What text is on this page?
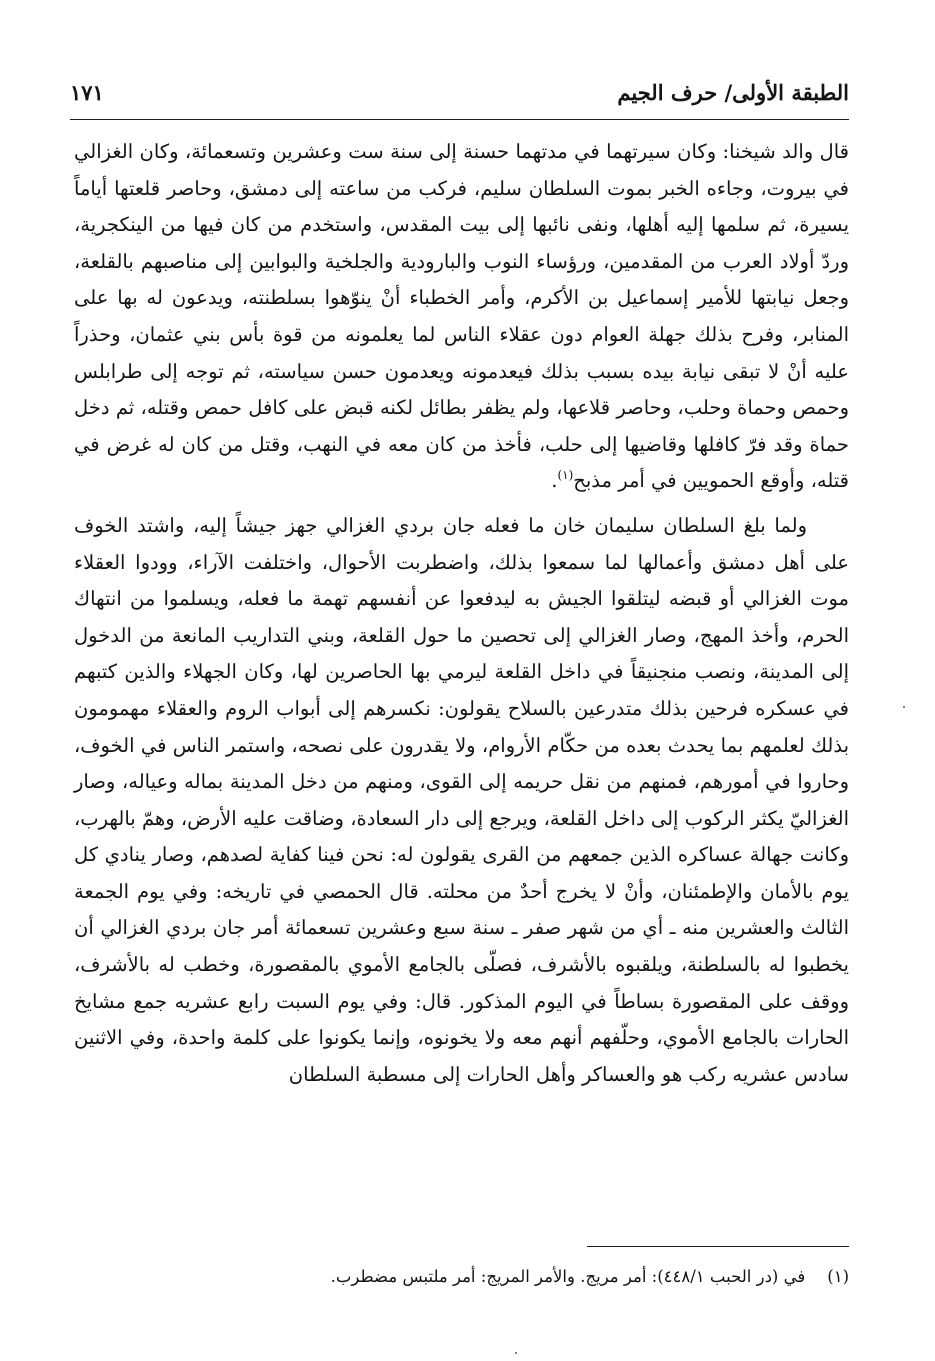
الطبقة الأولى/ حرف الجيم
١٧١

قال والد شيخنا: وكان سيرتهما في مدتهما حسنة إلى سنة ست وعشرين وتسعمائة، وكان الغزالي في بيروت، وجاءه الخبر بموت السلطان سليم، فركب من ساعته إلى دمشق، وحاصر قلعتها أياماً يسيرة، ثم سلمها إليه أهلها، ونفى نائبها إلى بيت المقدس، واستخدم من كان فيها من الينكجرية، وردّ أولاد العرب من المقدمين، ورؤساء النوب والبارودية والجلخية والبوابين إلى مناصبهم بالقلعة، وجعل نيابتها للأمير إسماعيل بن الأكرم، وأمر الخطباء أنْ ينوّهوا بسلطنته، ويدعون له بها على المنابر، وفرح بذلك جهلة العوام دون عقلاء الناس لما يعلمونه من قوة بأس بني عثمان، وحذراً عليه أنْ لا تبقى نيابة بيده بسبب بذلك فيعدمونه ويعدمون حسن سياسته، ثم توجه إلى طرابلس وحمص وحماة وحلب، وحاصر قلاعها، ولم يظفر بطائل لكنه قبض على كافل حمص وقتله، ثم دخل حماة وقد فرّ كافلها وقاضيها إلى حلب، فأخذ من كان معه في النهب، وقتل من كان له غرض في قتله، وأوقع الحمويين في أمر مذبح$^{(١)}$.

ولما بلغ السلطان سليمان خان ما فعله جان بردي الغزالي جهز جيشاً إليه، واشتد الخوف على أهل دمشق وأعمالها لما سمعوا بذلك، واضطربت الأحوال، واختلفت الآراء، وودوا العقلاء موت الغزالي أو قبضه ليتلقوا الجيش به ليدفعوا عن أنفسهم تهمة ما فعله، ويسلموا من انتهاك الحرم، وأخذ المهج، وصار الغزالي إلى تحصين ما حول القلعة، وبني التداريب المانعة من الدخول إلى المدينة، ونصب منجنيقاً في داخل القلعة ليرمي بها الحاصرين لها، وكان الجهلاء والذين كتبهم في عسكره فرحين بذلك متدرعين بالسلاح يقولون: نكسرهم إلى أبواب الروم والعقلاء مهمومون بذلك لعلمهم بما يحدث بعده من حكّام الأروام، ولا يقدرون على نصحه، واستمر الناس في الخوف، وحاروا في أمورهم، فمنهم من نقل حريمه إلى القوى، ومنهم من دخل المدينة بماله وعياله، وصار الغزاليّ يكثر الركوب إلى داخل القلعة، ويرجع إلى دار السعادة، وضاقت عليه الأرض، وهمّ بالهرب، وكانت جهالة عساكره الذين جمعهم من القرى يقولون له: نحن فينا كفاية لصدهم، وصار ينادي كل يوم بالأمان والإطمئنان، وأنْ لا يخرج أحدٌ من محلته. قال الحمصي في تاريخه: وفي يوم الجمعة الثالث والعشرين منه ـ أي من شهر صفر ـ سنة سبع وعشرين تسعمائة أمر جان بردي الغزالي أن يخطبوا له بالسلطنة، ويلقبوه بالأشرف، فصلّى بالجامع الأموي بالمقصورة، وخطب له بالأشرف، ووقف على المقصورة بساطاً في اليوم المذكور. قال: وفي يوم السبت رابع عشريه جمع مشايخ الحارات بالجامع الأموي، وحلّفهم أنهم معه ولا يخونوه، وإنما يكونوا على كلمة واحدة، وفي الاثنين سادس عشريه ركب هو والعساكر وأهل الحارات إلى مسطبة السلطان

(١)في (در الحبب ٤٤٨/١): أمر مريج. والأمر المريج: أمر ملتبس مضطرب.
